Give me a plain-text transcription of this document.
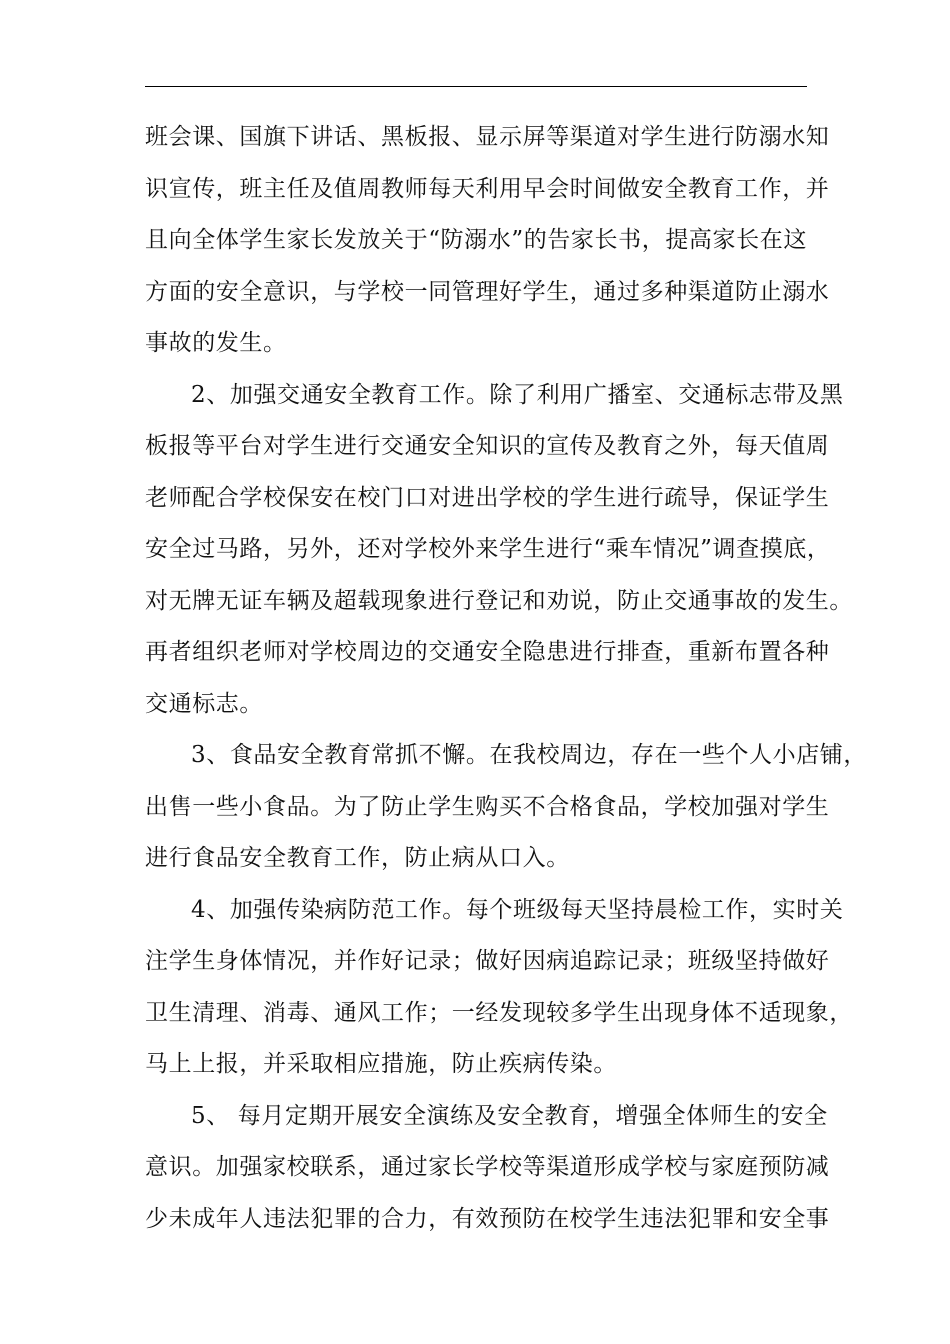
班会课、国旗下讲话、黑板报、显示屏等渠道对学生进行防溺水知
识宣传，班主任及值周教师每天利用早会时间做安全教育工作，并
且向全体学生家长发放关于“防溺水”的告家长书，提高家长在这
方面的安全意识，与学校一同管理好学生，通过多种渠道防止溺水
事故的发生。
2、加强交通安全教育工作。除了利用广播室、交通标志带及黑
板报等平台对学生进行交通安全知识的宣传及教育之外，每天值周
老师配合学校保安在校门口对进出学校的学生进行疏导，保证学生
安全过马路，另外，还对学校外来学生进行“乘车情况”调查摸底，
对无牌无证车辆及超载现象进行登记和劝说，防止交通事故的发生。
再者组织老师对学校周边的交通安全隐患进行排查，重新布置各种
交通标志。
3、食品安全教育常抓不懈。在我校周边，存在一些个人小店铺，
出售一些小食品。为了防止学生购买不合格食品，学校加强对学生
进行食品安全教育工作，防止病从口入。
4、加强传染病防范工作。每个班级每天坚持晨检工作，实时关
注学生身体情况，并作好记录；做好因病追踪记录；班级坚持做好
卫生清理、消毒、通风工作；一经发现较多学生出现身体不适现象，
马上上报，并采取相应措施，防止疾病传染。
5、 每月定期开展安全演练及安全教育，增强全体师生的安全
意识。加强家校联系，通过家长学校等渠道形成学校与家庭预防减
少未成年人违法犯罪的合力，有效预防在校学生违法犯罪和安全事
